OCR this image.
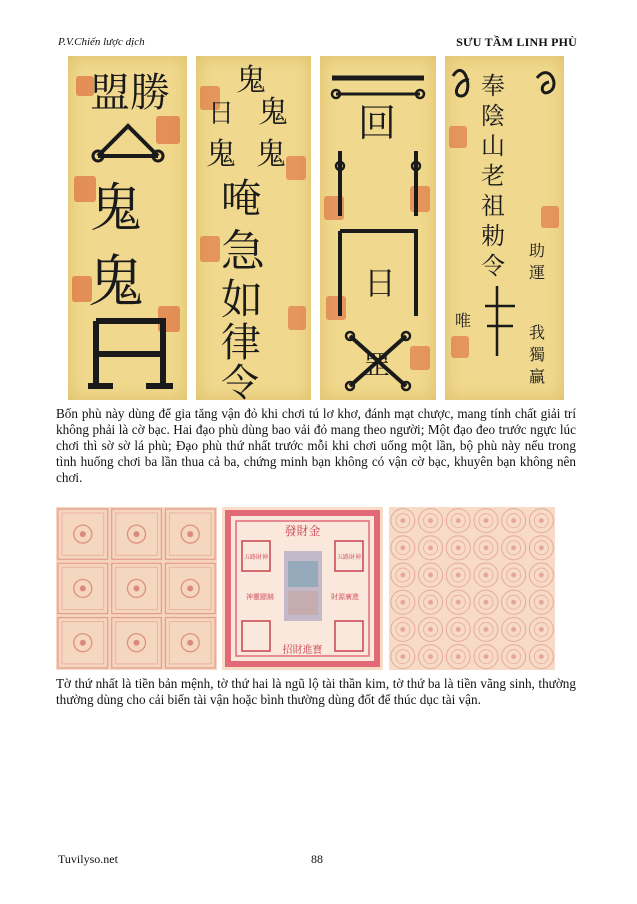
P.V.Chiến lược dịch	SƯU TẦM LINH PHÙ
盟 勝
鬼
鬼
鬼
日 鬼
鬼 鬼
唵
急
如
律
令
回
日
罡
奉
陰
山
老
祖
勅
令
助
運
唯
我
獨
贏
Bốn phù này dùng để gia tăng vận đỏ khi chơi tú lơ khơ, đánh mạt chược, mang tính chất giải trí không phải là cờ bạc. Hai đạo phù dùng bao vải đỏ mang theo người; Một đạo đeo trước ngực lúc chơi thì sờ sờ lá phù; Đạo phù thứ nhất trước mỗi khi chơi uống một lần, bộ phù này nếu trong tình huống chơi ba lần thua cả ba, chứng minh bạn không có vận cờ bạc, khuyên bạn không nên chơi.
發財金
五路財神	五路財神
神靈顯赫	財源廣進
招財進寶
Tờ thứ nhất là tiền bản mệnh, tờ thứ hai là ngũ lộ tài thần kim, tờ thứ ba là tiền vãng sinh, thường thường dùng cho cải biến tài vận hoặc bình thường dùng đốt để thúc dục tài vận.
Tuvilyso.net	88
